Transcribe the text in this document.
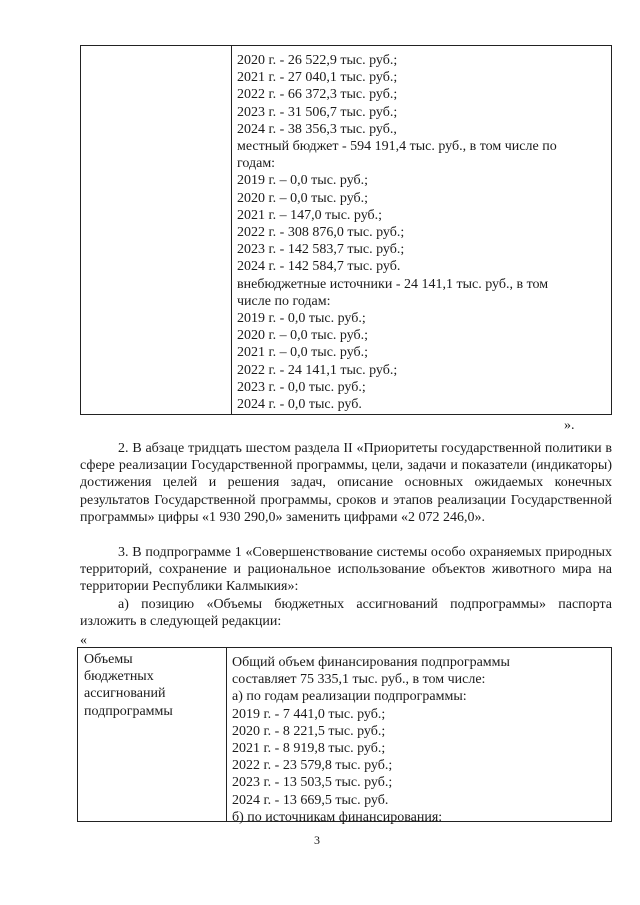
2020 г. - 26 522,9 тыс. руб.;
2021 г. - 27 040,1 тыс. руб.;
2022 г. - 66 372,3 тыс. руб.;
2023 г. - 31 506,7 тыс. руб.;
2024 г. - 38 356,3 тыс. руб.,
местный бюджет - 594 191,4 тыс. руб., в том числе по
годам:
2019 г. – 0,0 тыс. руб.;
2020 г. – 0,0 тыс. руб.;
2021 г. – 147,0 тыс. руб.;
2022 г. - 308 876,0 тыс. руб.;
2023 г. - 142 583,7 тыс. руб.;
2024 г. - 142 584,7 тыс. руб.
внебюджетные источники - 24 141,1 тыс. руб., в том
числе по годам:
2019 г. - 0,0 тыс. руб.;
2020 г. – 0,0 тыс. руб.;
2021 г. – 0,0 тыс. руб.;
2022 г. - 24 141,1 тыс. руб.;
2023 г. - 0,0 тыс. руб.;
2024 г. - 0,0 тыс. руб.
».
2. В абзаце тридцать шестом раздела II «Приоритеты государственной политики в сфере реализации Государственной программы, цели, задачи и показатели (индикаторы) достижения целей и решения задач, описание основных ожидаемых конечных результатов Государственной программы, сроков и этапов реализации Государственной программы» цифры «1 930 290,0» заменить цифрами «2 072 246,0».
3. В подпрограмме 1 «Совершенствование системы особо охраняемых природных территорий, сохранение и рациональное использование объектов животного мира на территории Республики Калмыкия»:
а) позицию «Объемы бюджетных ассигнований подпрограммы» паспорта изложить в следующей редакции:
«
Объемы
бюджетных
ассигнований
подпрограммы
Общий объем финансирования подпрограммы
составляет 75 335,1 тыс. руб., в том числе:
а) по годам реализации подпрограммы:
2019 г. - 7 441,0 тыс. руб.;
2020 г. - 8 221,5 тыс. руб.;
2021 г. - 8 919,8 тыс. руб.;
2022 г. - 23 579,8 тыс. руб.;
2023 г. - 13 503,5 тыс. руб.;
2024 г. - 13 669,5 тыс. руб.
б) по источникам финансирования:
3
